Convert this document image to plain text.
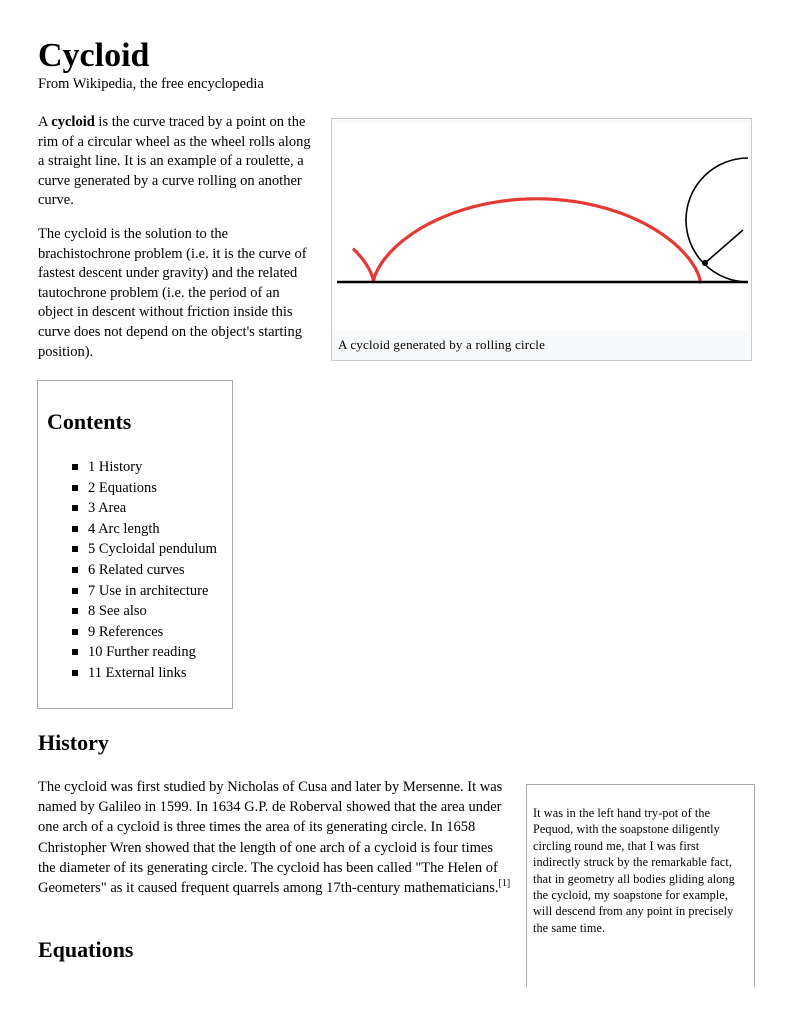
Cycloid
From Wikipedia, the free encyclopedia

A cycloid is the curve traced by a point on the rim of a circular wheel as the wheel rolls along a straight line. It is an example of a roulette, a curve generated by a curve rolling on another curve.

The cycloid is the solution to the brachistochrone problem (i.e. it is the curve of fastest descent under gravity) and the related tautochrone problem (i.e. the period of an object in descent without friction inside this curve does not depend on the object's starting position).	A cycloid generated by a rolling circle
Contents
1 History
2 Equations
3 Area
4 Arc length
5 Cycloidal pendulum
6 Related curves
7 Use in architecture
8 See also
9 References
10 Further reading
11 External links
History

The cycloid was first studied by Nicholas of Cusa and later by Mersenne. It was named by Galileo in 1599. In 1634 G.P. de Roberval showed that the area under one arch of a cycloid is three times the area of its generating circle. In 1658 Christopher Wren showed that the length of one arch of a cycloid is four times the diameter of its generating circle. The cycloid has been called "The Helen of Geometers" as it caused frequent quarrels among 17th-century mathematicians.[1]

It was in the left hand try-pot of the Pequod, with the soapstone diligently circling round me, that I was first indirectly struck by the remarkable fact, that in geometry all bodies gliding along the cycloid, my soapstone for example, will descend from any point in precisely the same time.

Equations
